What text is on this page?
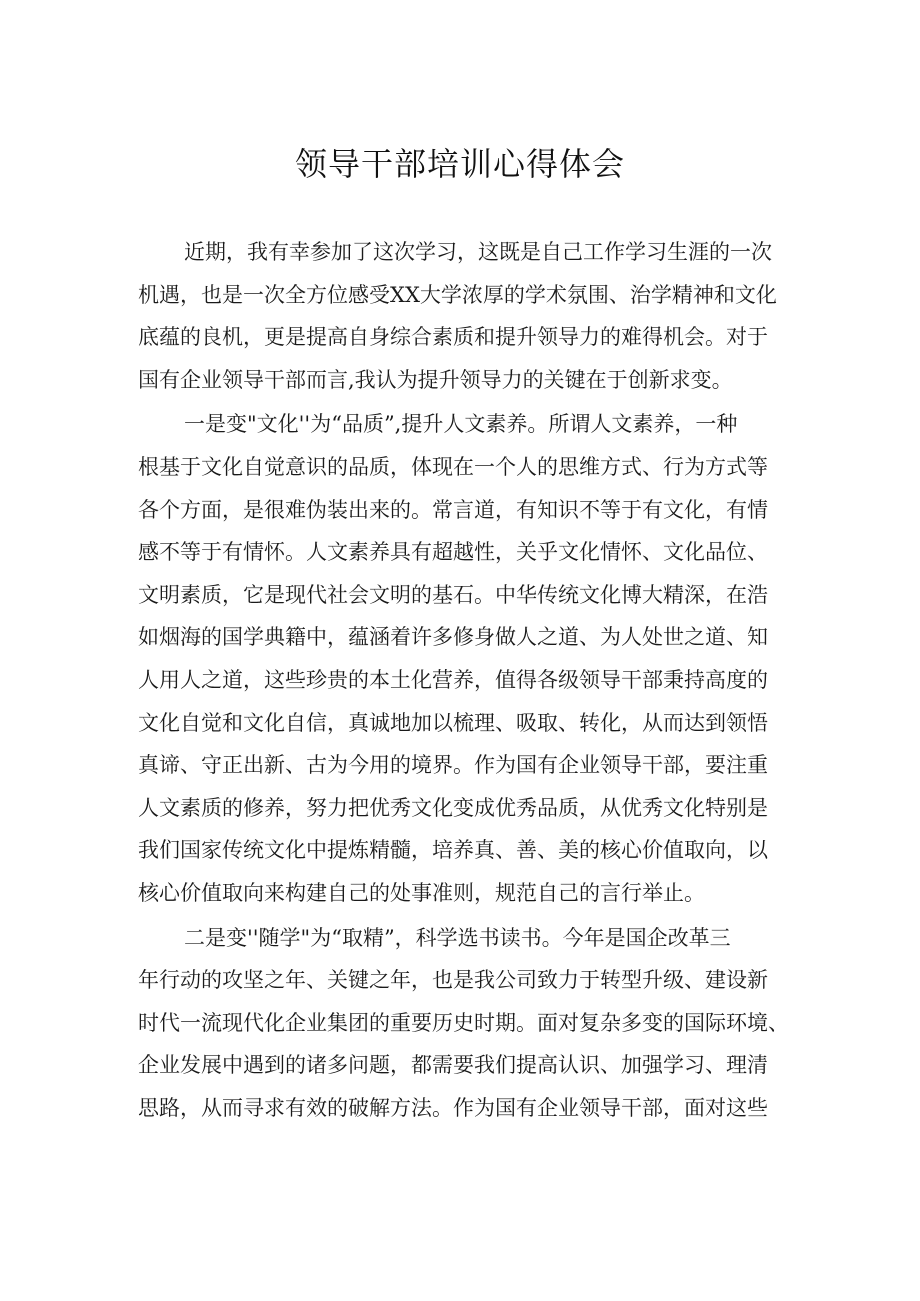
领导干部培训心得体会
近期，我有幸参加了这次学习，这既是自己工作学习生涯的一次
机遇，也是一次全方位感受XX大学浓厚的学术氛围、治学精神和文化
底蕴的良机，更是提高自身综合素质和提升领导力的难得机会。对于
国有企业领导干部而言,我认为提升领导力的关键在于创新求变。
一是变"文化''为“品质”,提升人文素养。所谓人文素养，一种
根基于文化自觉意识的品质，体现在一个人的思维方式、行为方式等
各个方面，是很难伪装出来的。常言道，有知识不等于有文化，有情
感不等于有情怀。人文素养具有超越性，关乎文化情怀、文化品位、
文明素质，它是现代社会文明的基石。中华传统文化博大精深，在浩
如烟海的国学典籍中，蕴涵着许多修身做人之道、为人处世之道、知
人用人之道，这些珍贵的本土化营养，值得各级领导干部秉持高度的
文化自觉和文化自信，真诚地加以梳理、吸取、转化，从而达到领悟
真谛、守正出新、古为今用的境界。作为国有企业领导干部，要注重
人文素质的修养，努力把优秀文化变成优秀品质，从优秀文化特别是
我们国家传统文化中提炼精髓，培养真、善、美的核心价值取向，以
核心价值取向来构建自己的处事准则，规范自己的言行举止。
二是变''随学"为“取精”，科学选书读书。今年是国企改革三
年行动的攻坚之年、关键之年，也是我公司致力于转型升级、建设新
时代一流现代化企业集团的重要历史时期。面对复杂多变的国际环境、
企业发展中遇到的诸多问题，都需要我们提高认识、加强学习、理清
思路，从而寻求有效的破解方法。作为国有企业领导干部，面对这些
